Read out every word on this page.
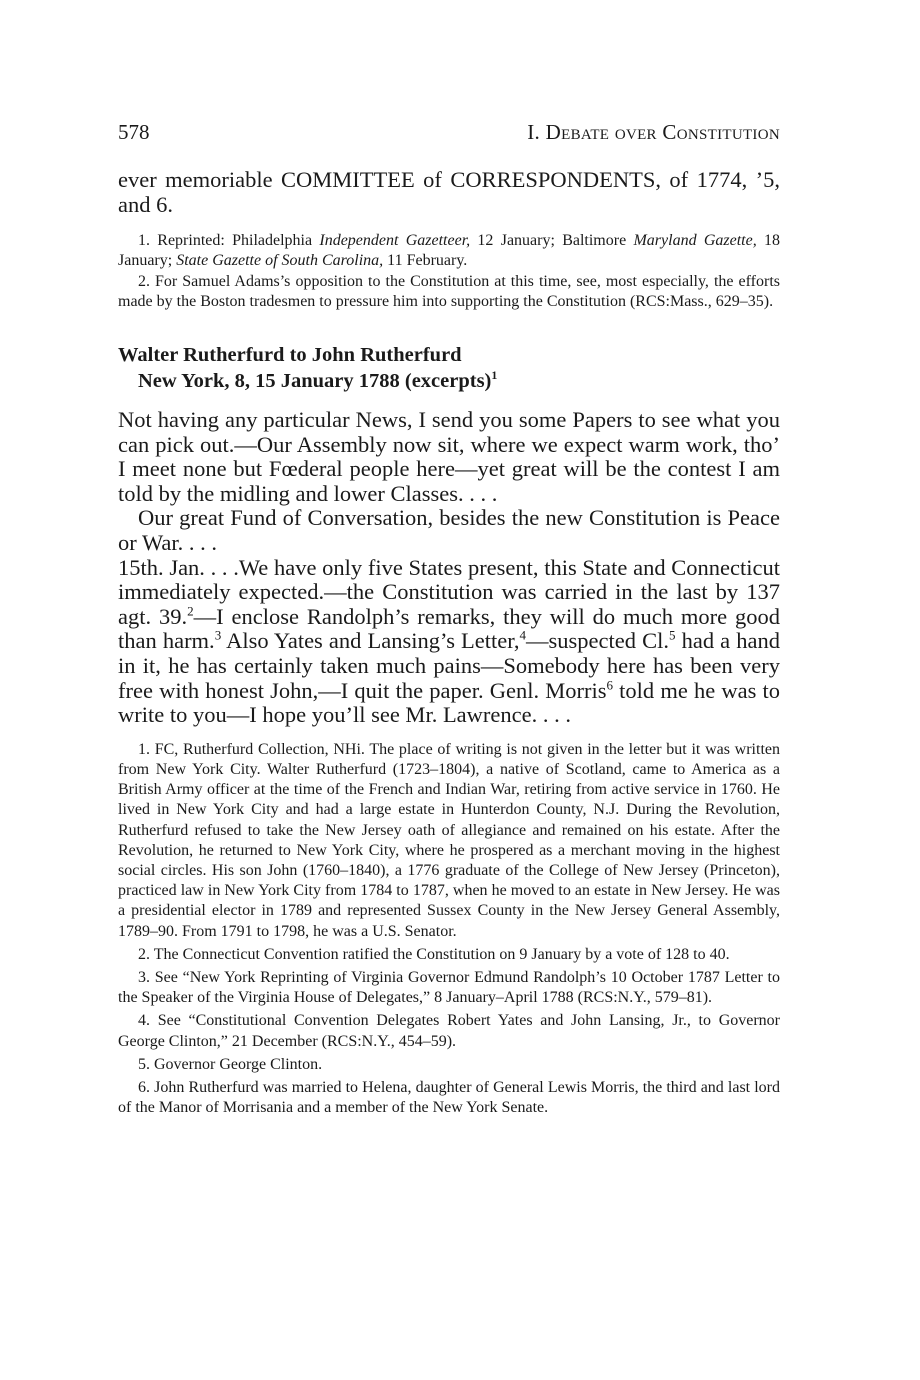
578	I. Debate over Constitution

ever memoriable COMMITTEE of CORRESPONDENTS, of 1774, ’5, and 6.

1. Reprinted: Philadelphia Independent Gazetteer, 12 January; Baltimore Maryland Gazette, 18 January; State Gazette of South Carolina, 11 February.

2. For Samuel Adams’s opposition to the Constitution at this time, see, most especially, the efforts made by the Boston tradesmen to pressure him into supporting the Constitution (RCS:Mass., 629–35).

Walter Rutherfurd to John Rutherfurd
New York, 8, 15 January 1788 (excerpts)$^1$

Not having any particular News, I send you some Papers to see what you can pick out.—Our Assembly now sit, where we expect warm work, tho’ I meet none but Fœderal people here—yet great will be the contest I am told by the midling and lower Classes. . . .

Our great Fund of Conversation, besides the new Constitution is Peace or War. . . .

15th. Jan. . . .We have only five States present, this State and Connecticut immediately expected.—the Constitution was carried in the last by 137 agt. 39.$^2$—I enclose Randolph’s remarks, they will do much more good than harm.$^3$ Also Yates and Lansing’s Letter,$^4$—suspected Cl.$^5$ had a hand in it, he has certainly taken much pains—Somebody here has been very free with honest John,—I quit the paper. Genl. Morris$^6$ told me he was to write to you—I hope you’ll see Mr. Lawrence. . . .

1. FC, Rutherfurd Collection, NHi. The place of writing is not given in the letter but it was written from New York City. Walter Rutherfurd (1723–1804), a native of Scotland, came to America as a British Army officer at the time of the French and Indian War, retiring from active service in 1760. He lived in New York City and had a large estate in Hunterdon County, N.J. During the Revolution, Rutherfurd refused to take the New Jersey oath of allegiance and remained on his estate. After the Revolution, he returned to New York City, where he prospered as a merchant moving in the highest social circles. His son John (1760–1840), a 1776 graduate of the College of New Jersey (Princeton), practiced law in New York City from 1784 to 1787, when he moved to an estate in New Jersey. He was a presidential elector in 1789 and represented Sussex County in the New Jersey General Assembly, 1789–90. From 1791 to 1798, he was a U.S. Senator.

2. The Connecticut Convention ratified the Constitution on 9 January by a vote of 128 to 40.

3. See “New York Reprinting of Virginia Governor Edmund Randolph’s 10 October 1787 Letter to the Speaker of the Virginia House of Delegates,” 8 January–April 1788 (RCS:N.Y., 579–81).

4. See “Constitutional Convention Delegates Robert Yates and John Lansing, Jr., to Governor George Clinton,” 21 December (RCS:N.Y., 454–59).

5. Governor George Clinton.

6. John Rutherfurd was married to Helena, daughter of General Lewis Morris, the third and last lord of the Manor of Morrisania and a member of the New York Senate.
